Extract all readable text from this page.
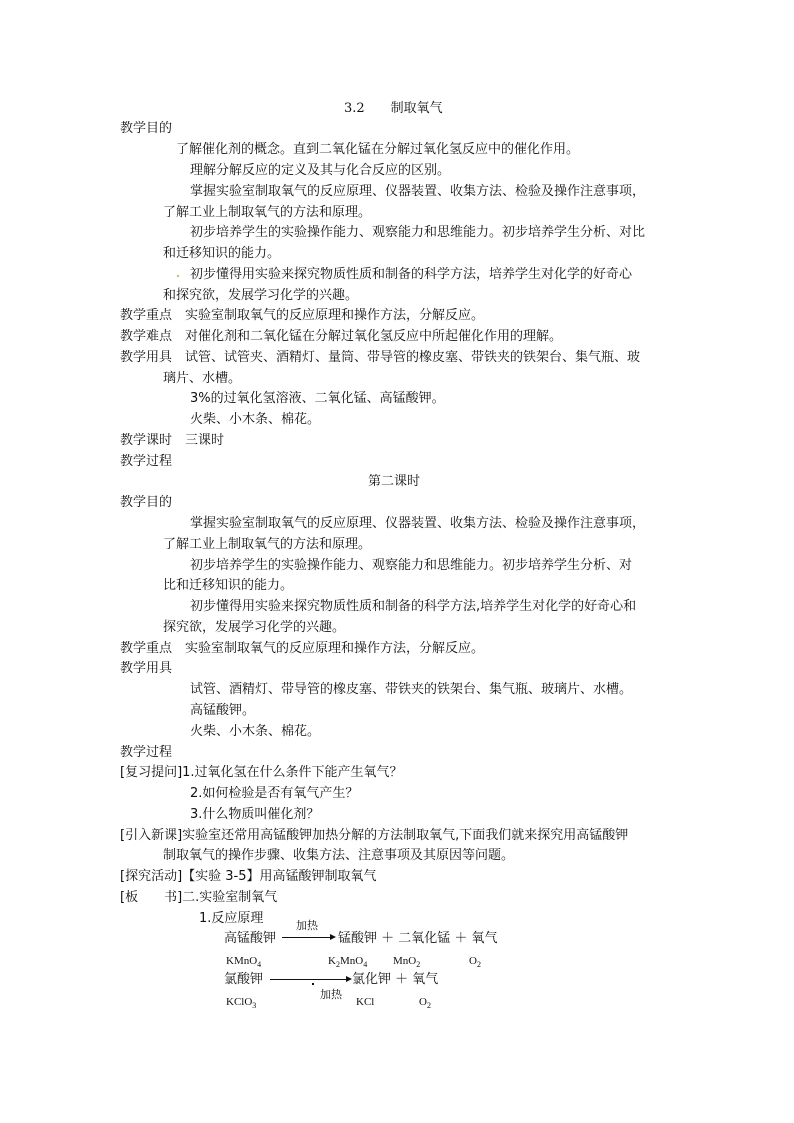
3.2　　制取氧气
教学目的
了解催化剂的概念。直到二氧化锰在分解过氧化氢反应中的催化作用。
理解分解反应的定义及其与化合反应的区别。
掌握实验室制取氧气的反应原理、仪器装置、收集方法、检验及操作注意事项，
了解工业上制取氧气的方法和原理。
初步培养学生的实验操作能力、观察能力和思维能力。初步培养学生分析、对比
和迁移知识的能力。
初步懂得用实验来探究物质性质和制备的科学方法，培养学生对化学的好奇心
和探究欲，发展学习化学的兴趣。
教学重点　实验室制取氧气的反应原理和操作方法，分解反应。
教学难点　对催化剂和二氧化锰在分解过氧化氢反应中所起催化作用的理解。
教学用具　试管、试管夹、酒精灯、量筒、带导管的橡皮塞、带铁夹的铁架台、集气瓶、玻
璃片、水槽。
3%的过氧化氢溶液、二氧化锰、高锰酸钾。
火柴、小木条、棉花。
教学课时　三课时
教学过程
第二课时
教学目的
掌握实验室制取氧气的反应原理、仪器装置、收集方法、检验及操作注意事项，
了解工业上制取氧气的方法和原理。
初步培养学生的实验操作能力、观察能力和思维能力。初步培养学生分析、对
比和迁移知识的能力。
初步懂得用实验来探究物质性质和制备的科学方法,培养学生对化学的好奇心和
探究欲，发展学习化学的兴趣。
教学重点　实验室制取氧气的反应原理和操作方法，分解反应。
教学用具
试管、酒精灯、带导管的橡皮塞、带铁夹的铁架台、集气瓶、玻璃片、水槽。
高锰酸钾。
火柴、小木条、棉花。
教学过程
[复习提问]1.过氧化氢在什么条件下能产生氧气？
2.如何检验是否有氧气产生？
3.什么物质叫催化剂？
[引入新课]实验室还常用高锰酸钾加热分解的方法制取氧气,下面我们就来探究用高锰酸钾
制取氧气的操作步骤、收集方法、注意事项及其原因等问题。
[探究活动]【实验 3-5】用高锰酸钾制取氧气
[板　　书]二.实验室制氧气
1.反应原理
高锰酸钾
加热
锰酸钾 ＋ 二氧化锰 ＋ 氧气
KMnO$_4$	$K_2MnO_4$ MnO$_2$	$O_2$
氯酸钾	氯化钾 ＋ 氧气
加热
KClO$_3$	KCl	$O_2$
